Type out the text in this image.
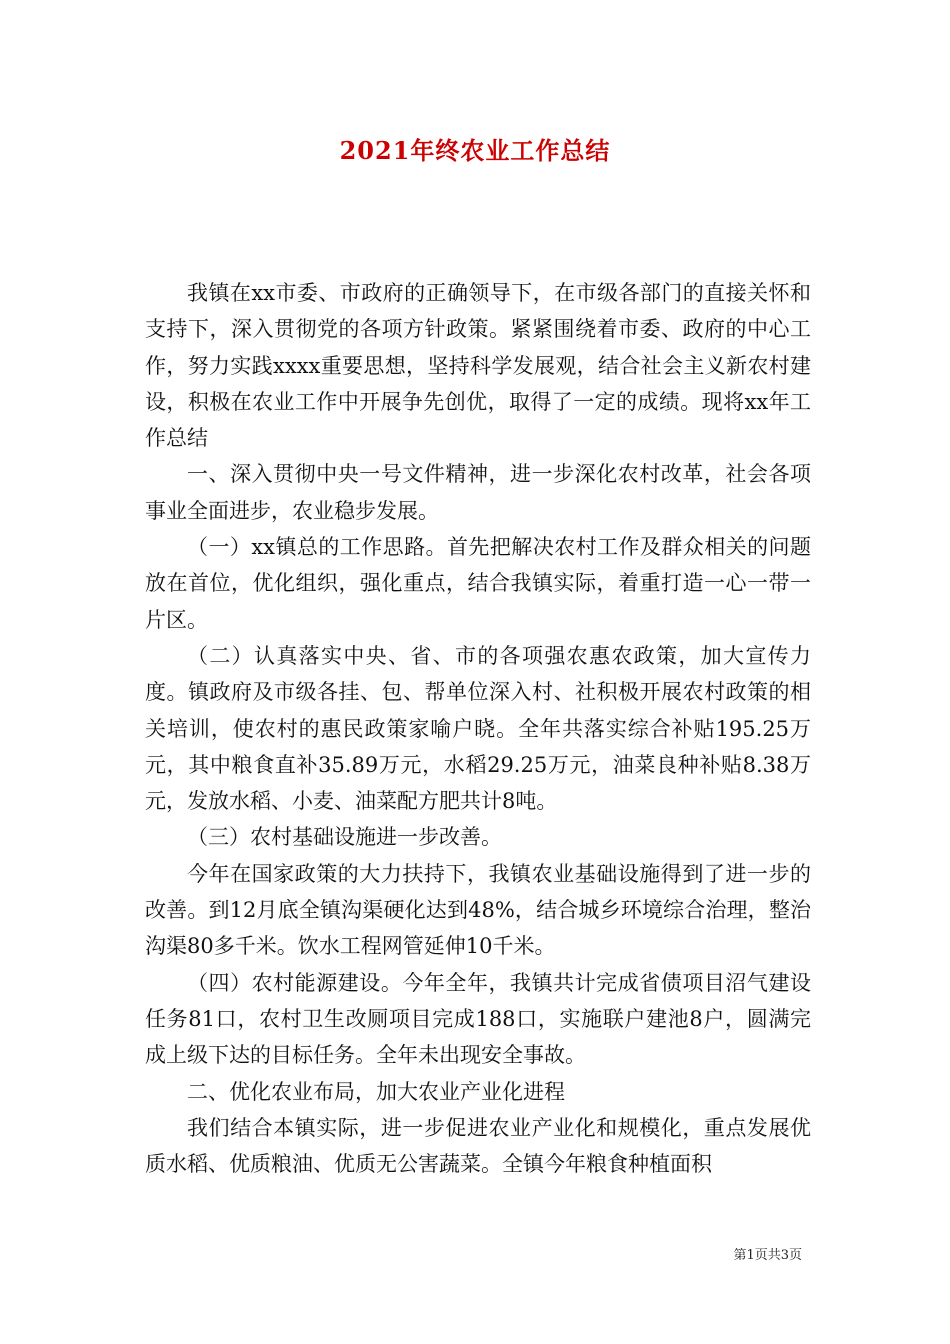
2021年终农业工作总结

我镇在xx市委、市政府的正确领导下，在市级各部门的直接关怀和支持下，深入贯彻党的各项方针政策。紧紧围绕着市委、政府的中心工作，努力实践xxxx重要思想，坚持科学发展观，结合社会主义新农村建设，积极在农业工作中开展争先创优，取得了一定的成绩。现将xx年工作总结

一、深入贯彻中央一号文件精神，进一步深化农村改革，社会各项事业全面进步，农业稳步发展。

（一）xx镇总的工作思路。首先把解决农村工作及群众相关的问题放在首位，优化组织，强化重点，结合我镇实际，着重打造一心一带一片区。

（二）认真落实中央、省、市的各项强农惠农政策，加大宣传力度。镇政府及市级各挂、包、帮单位深入村、社积极开展农村政策的相关培训，使农村的惠民政策家喻户晓。全年共落实综合补贴195.25万元，其中粮食直补35.89万元，水稻29.25万元，油菜良种补贴8.38万元，发放水稻、小麦、油菜配方肥共计8吨。

（三）农村基础设施进一步改善。

今年在国家政策的大力扶持下，我镇农业基础设施得到了进一步的改善。到12月底全镇沟渠硬化达到48%，结合城乡环境综合治理，整治沟渠80多千米。饮水工程网管延伸10千米。

（四）农村能源建设。今年全年，我镇共计完成省债项目沼气建设任务81口，农村卫生改厕项目完成188口，实施联户建池8户，圆满完成上级下达的目标任务。全年未出现安全事故。

二、优化农业布局，加大农业产业化进程

我们结合本镇实际，进一步促进农业产业化和规模化，重点发展优质水稻、优质粮油、优质无公害蔬菜。全镇今年粮食种植面积

第1页共3页
